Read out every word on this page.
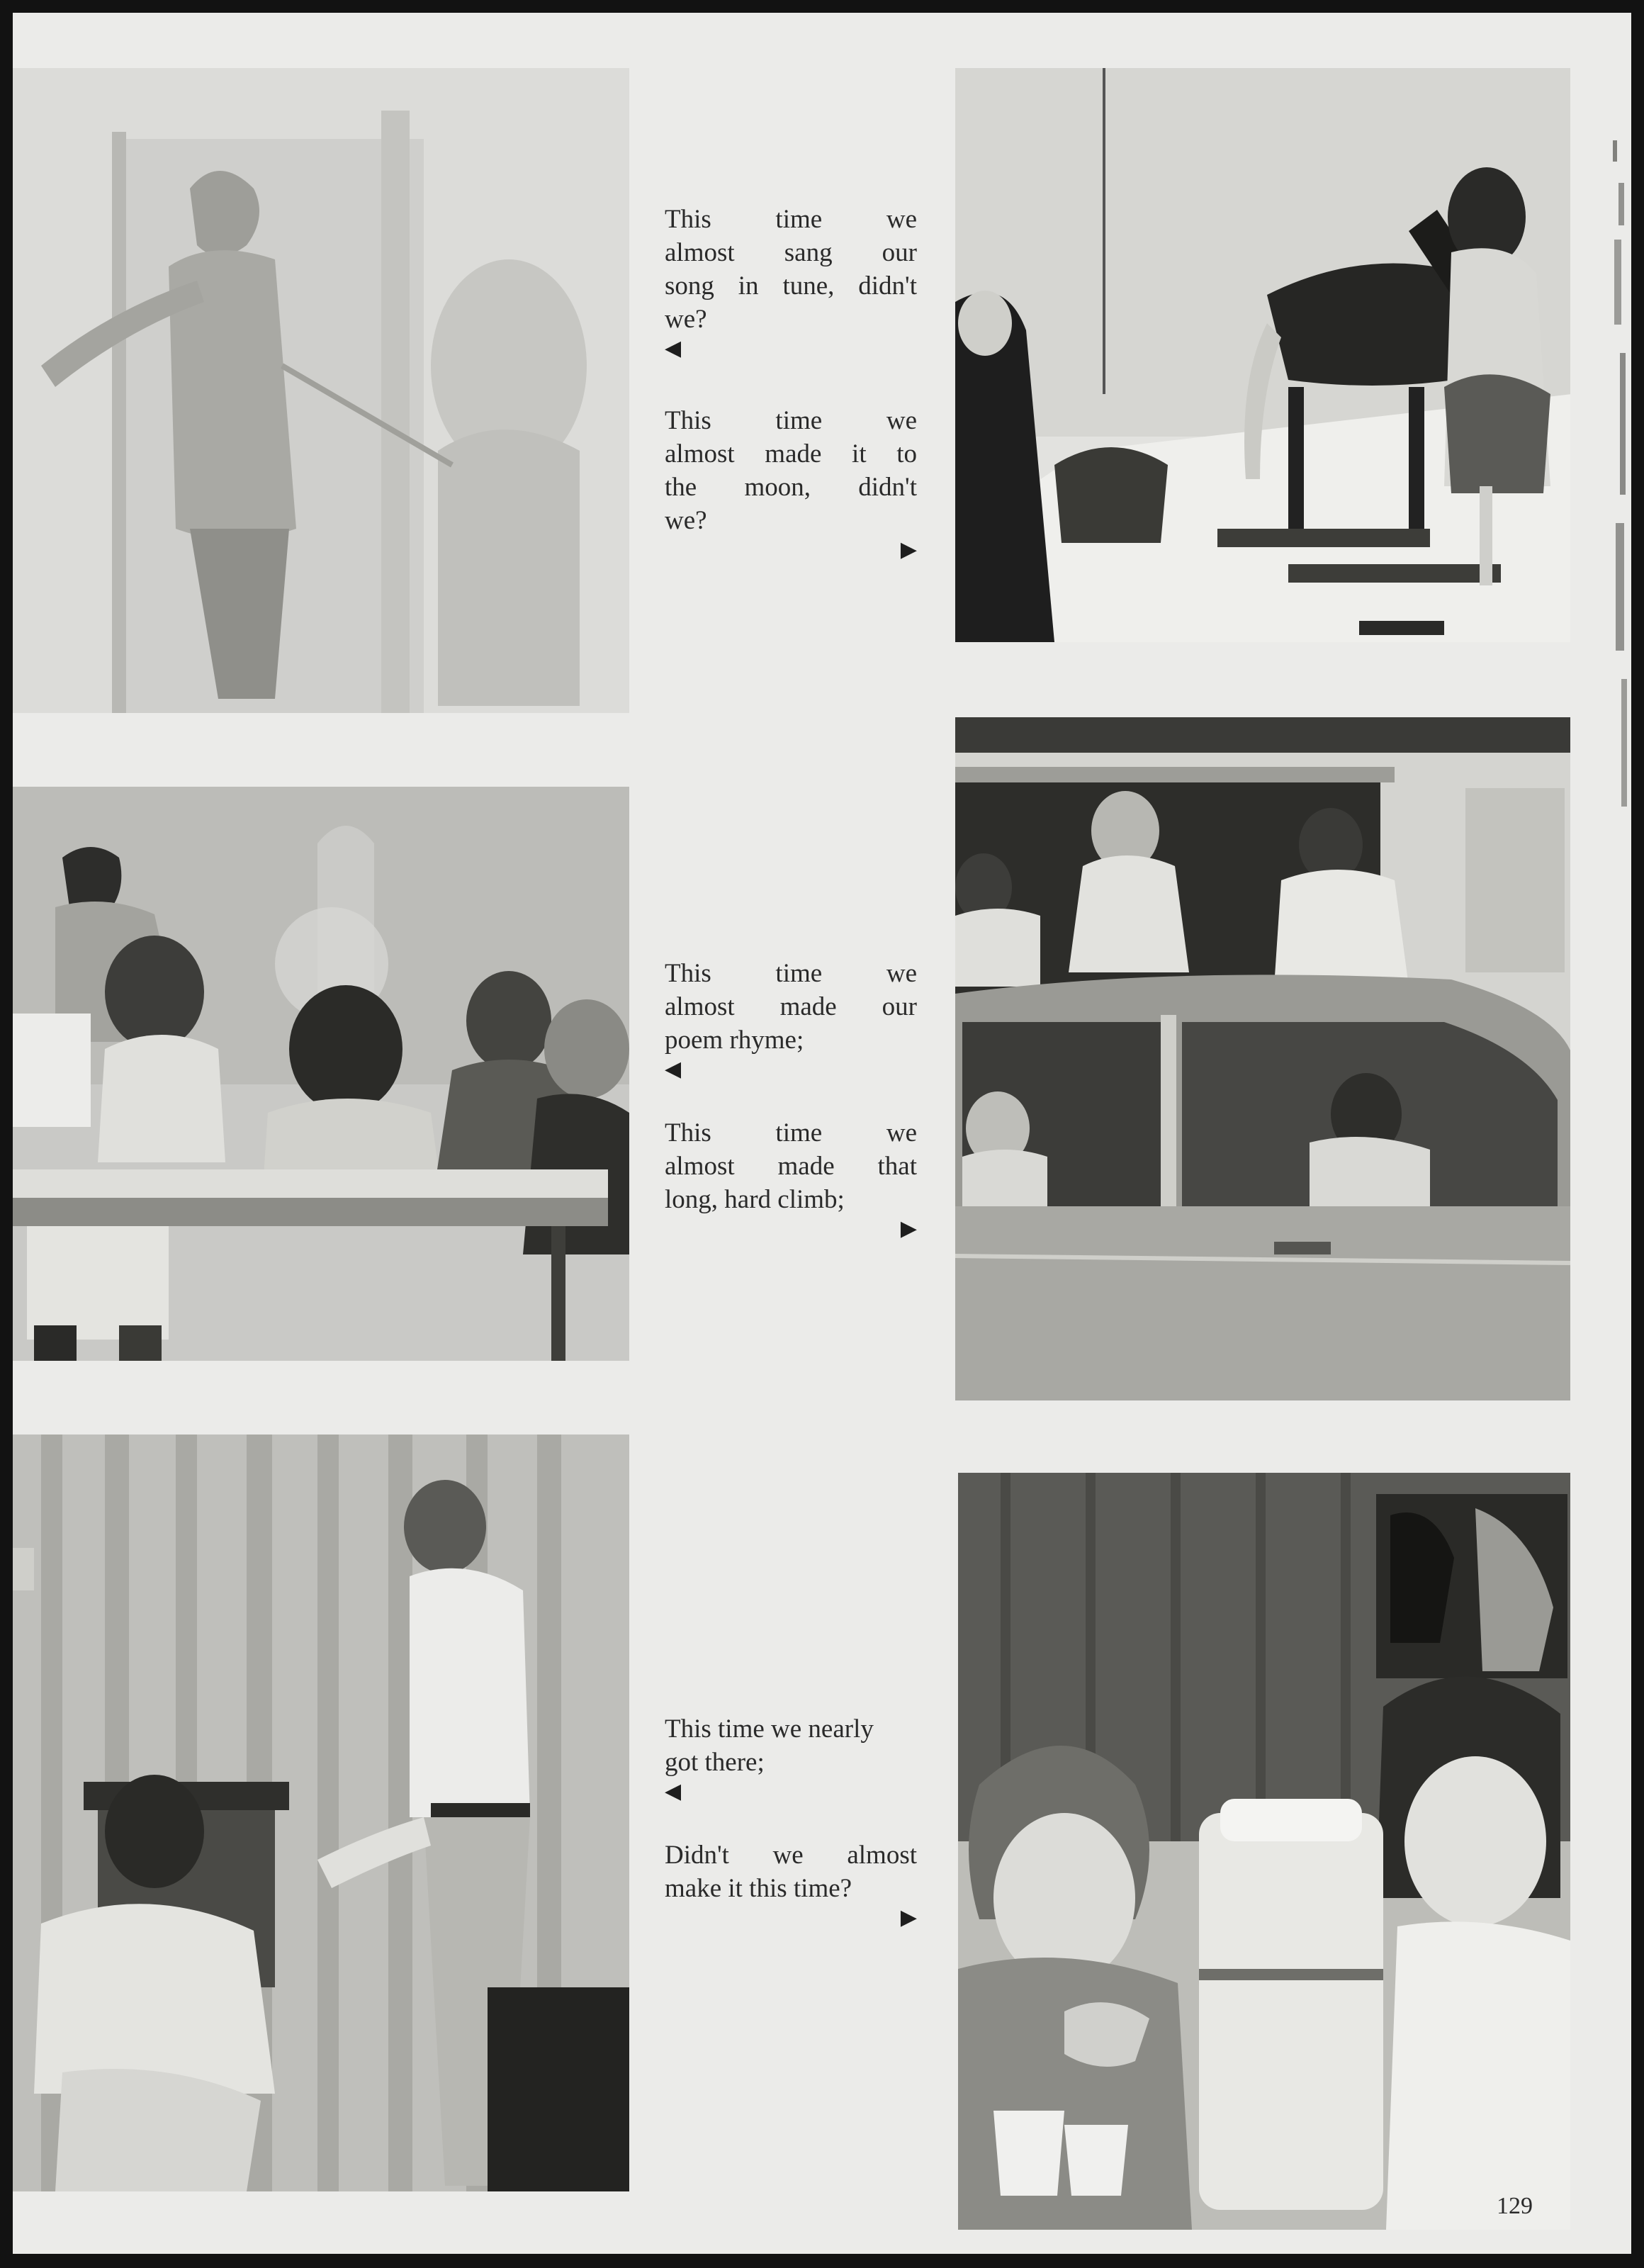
This time we

almost sang our

song in tune, didn't

we?

◀

This time we

almost made it to

the moon, didn't

we?

▶

This time we

almost made our

poem rhyme;

◀

This time we

almost made that

long, hard climb;

▶

This time we nearly

got there;

◀

Didn't we almost

make it this time?

▶
129
